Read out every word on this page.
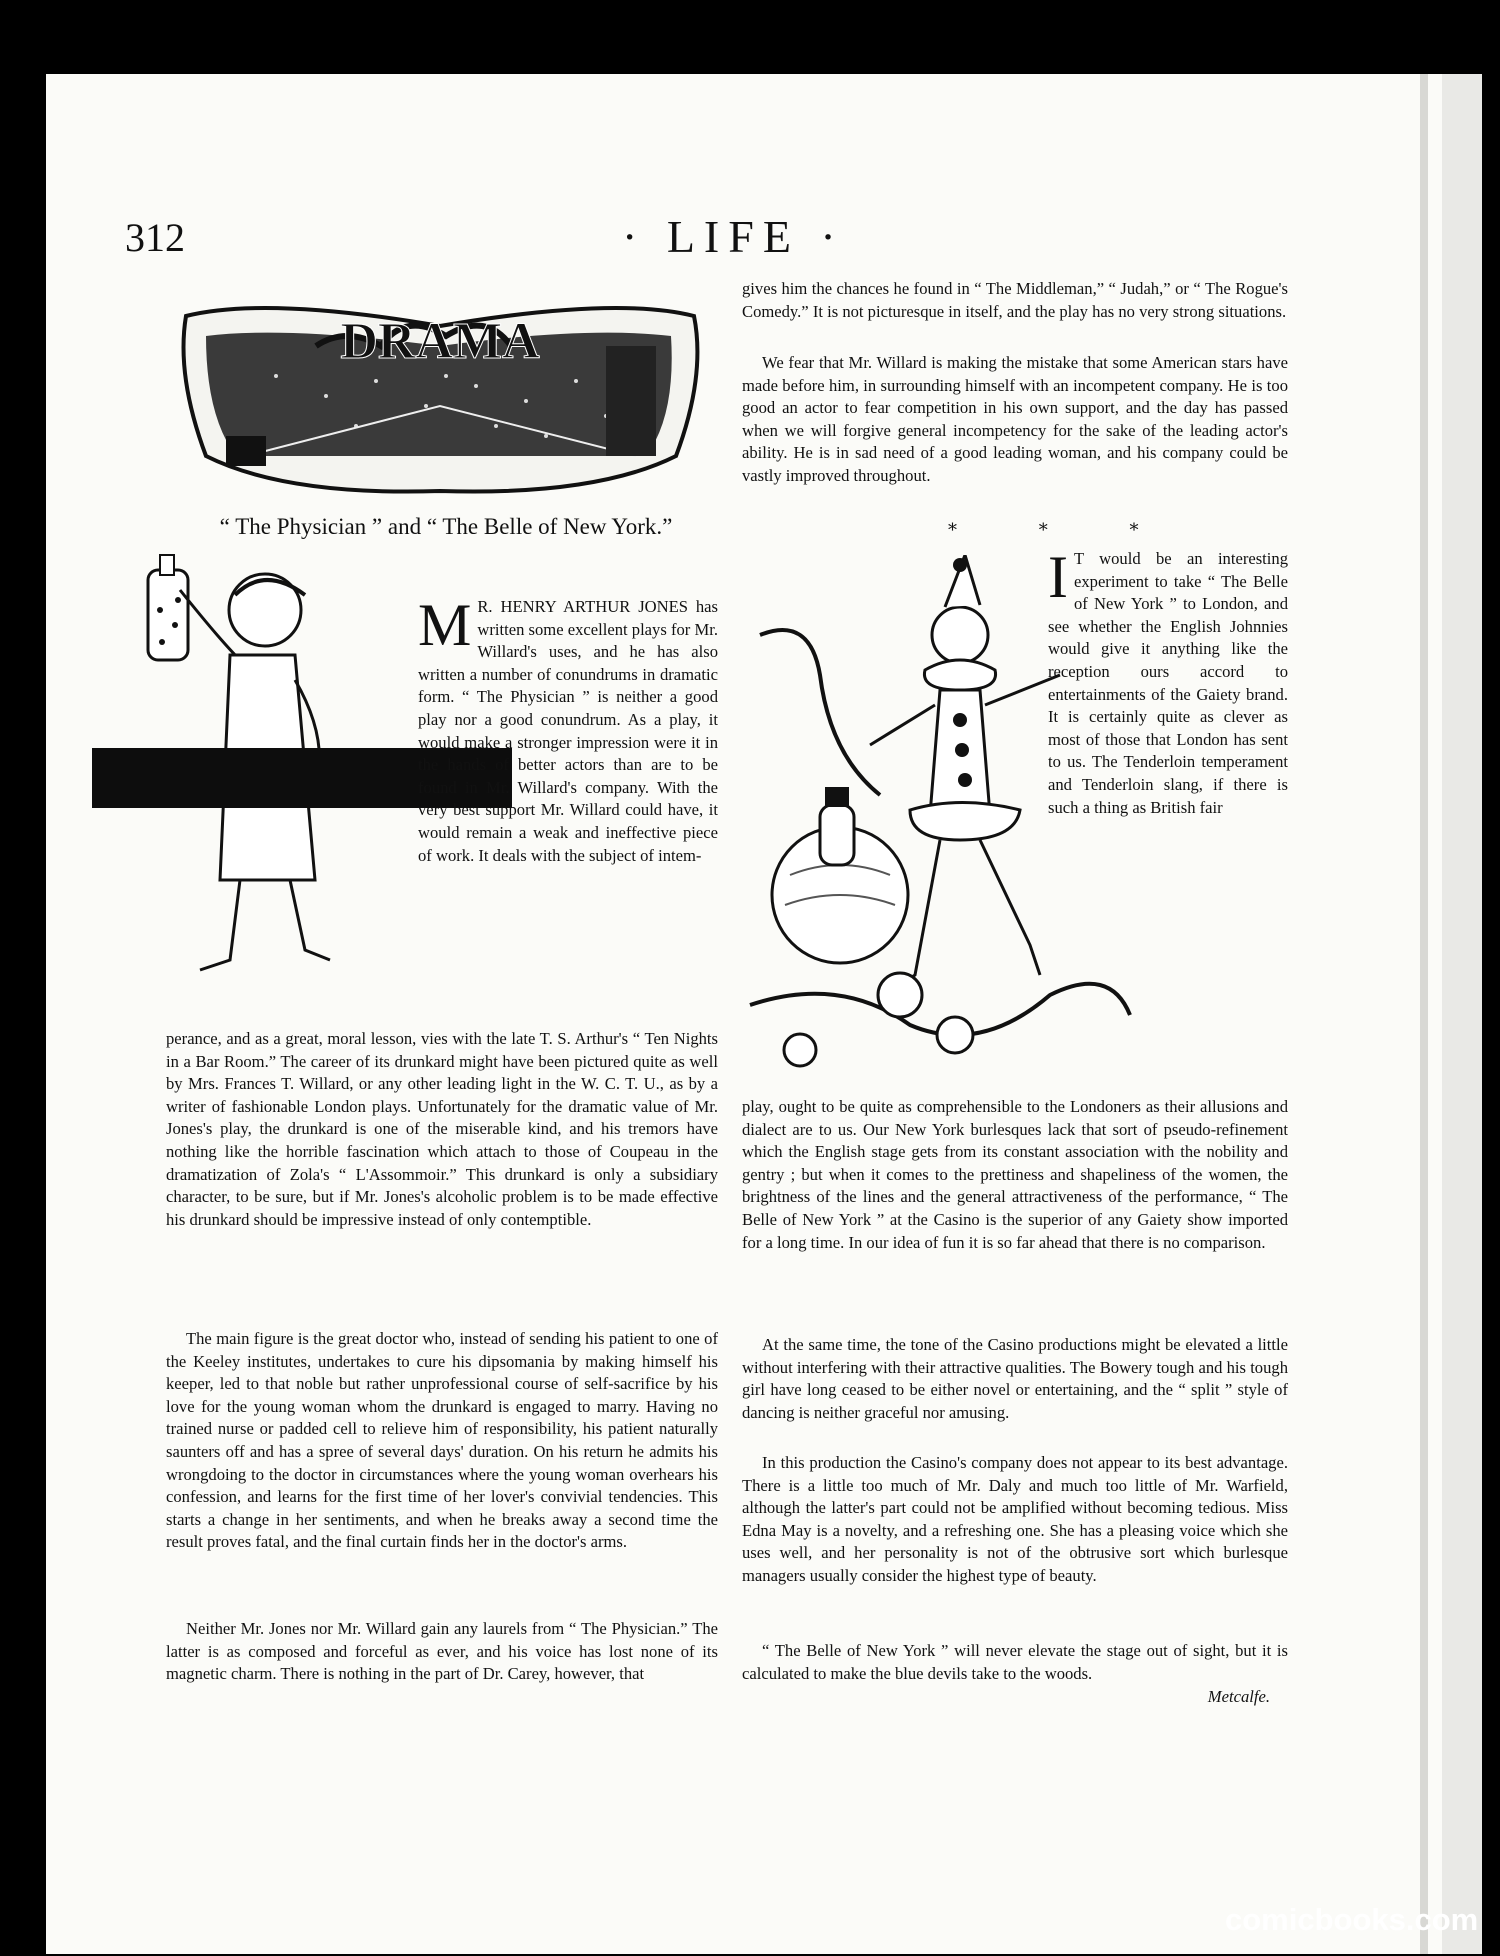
312	· LIFE ·
DRAMA
“ The Physician ” and “ The Belle of New York.”
M R. HENRY ARTHUR JONES has written some excellent plays for Mr. Willard's uses, and he has also written a number of conundrums in dramatic form. “ The Physician ” is neither a good play nor a good conundrum. As a play, it would make a stronger impression were it in the hands of better actors than are to be found in Mr. Willard's company. With the very best support Mr. Willard could have, it would remain a weak and ineffective piece of work. It deals with the subject of intem-
perance, and as a great, moral lesson, vies with the late T. S. Arthur's “ Ten Nights in a Bar Room.” The career of its drunkard might have been pictured quite as well by Mrs. Frances T. Willard, or any other leading light in the W. C. T. U., as by a writer of fashionable London plays. Unfortunately for the dramatic value of Mr. Jones's play, the drunkard is one of the miserable kind, and his tremors have nothing like the horrible fascination which attach to those of Coupeau in the dramatization of Zola's “ L'Assommoir.” This drunkard is only a subsidiary character, to be sure, but if Mr. Jones's alcoholic problem is to be made effective his drunkard should be impressive instead of only contemptible.
The main figure is the great doctor who, instead of sending his patient to one of the Keeley institutes, undertakes to cure his dipsomania by making himself his keeper, led to that noble but rather unprofessional course of self-sacrifice by his love for the young woman whom the drunkard is engaged to marry. Having no trained nurse or padded cell to relieve him of responsibility, his patient naturally saunters off and has a spree of several days' duration. On his return he admits his wrongdoing to the doctor in circumstances where the young woman overhears his confession, and learns for the first time of her lover's convivial tendencies. This starts a change in her sentiments, and when he breaks away a second time the result proves fatal, and the final curtain finds her in the doctor's arms.
Neither Mr. Jones nor Mr. Willard gain any laurels from “ The Physician.” The latter is as composed and forceful as ever, and his voice has lost none of its magnetic charm. There is nothing in the part of Dr. Carey, however, that
gives him the chances he found in “ The Middleman,” “ Judah,” or “ The Rogue's Comedy.” It is not picturesque in itself, and the play has no very strong situations.
We fear that Mr. Willard is making the mistake that some American stars have made before him, in surrounding himself with an incompetent company. He is too good an actor to fear competition in his own support, and the day has passed when we will forgive general incompetency for the sake of the leading actor's ability. He is in sad need of a good leading woman, and his company could be vastly improved throughout.
* * *
I T would be an interesting experiment to take “ The Belle of New York ” to London, and see whether the English Johnnies would give it anything like the reception ours accord to entertainments of the Gaiety brand. It is certainly quite as clever as most of those that London has sent to us. The Tenderloin temperament and Tenderloin slang, if there is such a thing as British fair
play, ought to be quite as comprehensible to the Londoners as their allusions and dialect are to us. Our New York burlesques lack that sort of pseudo-refinement which the English stage gets from its constant association with the nobility and gentry ; but when it comes to the prettiness and shapeliness of the women, the brightness of the lines and the general attractiveness of the performance, “ The Belle of New York ” at the Casino is the superior of any Gaiety show imported for a long time. In our idea of fun it is so far ahead that there is no comparison.
At the same time, the tone of the Casino productions might be elevated a little without interfering with their attractive qualities. The Bowery tough and his tough girl have long ceased to be either novel or entertaining, and the “ split ” style of dancing is neither graceful nor amusing.
In this production the Casino's company does not appear to its best advantage. There is a little too much of Mr. Daly and much too little of Mr. Warfield, although the latter's part could not be amplified without becoming tedious. Miss Edna May is a novelty, and a refreshing one. She has a pleasing voice which she uses well, and her personality is not of the obtrusive sort which burlesque managers usually consider the highest type of beauty.
“ The Belle of New York ” will never elevate the stage out of sight, but it is calculated to make the blue devils take to the woods.
Metcalfe.
comicbooks.com
